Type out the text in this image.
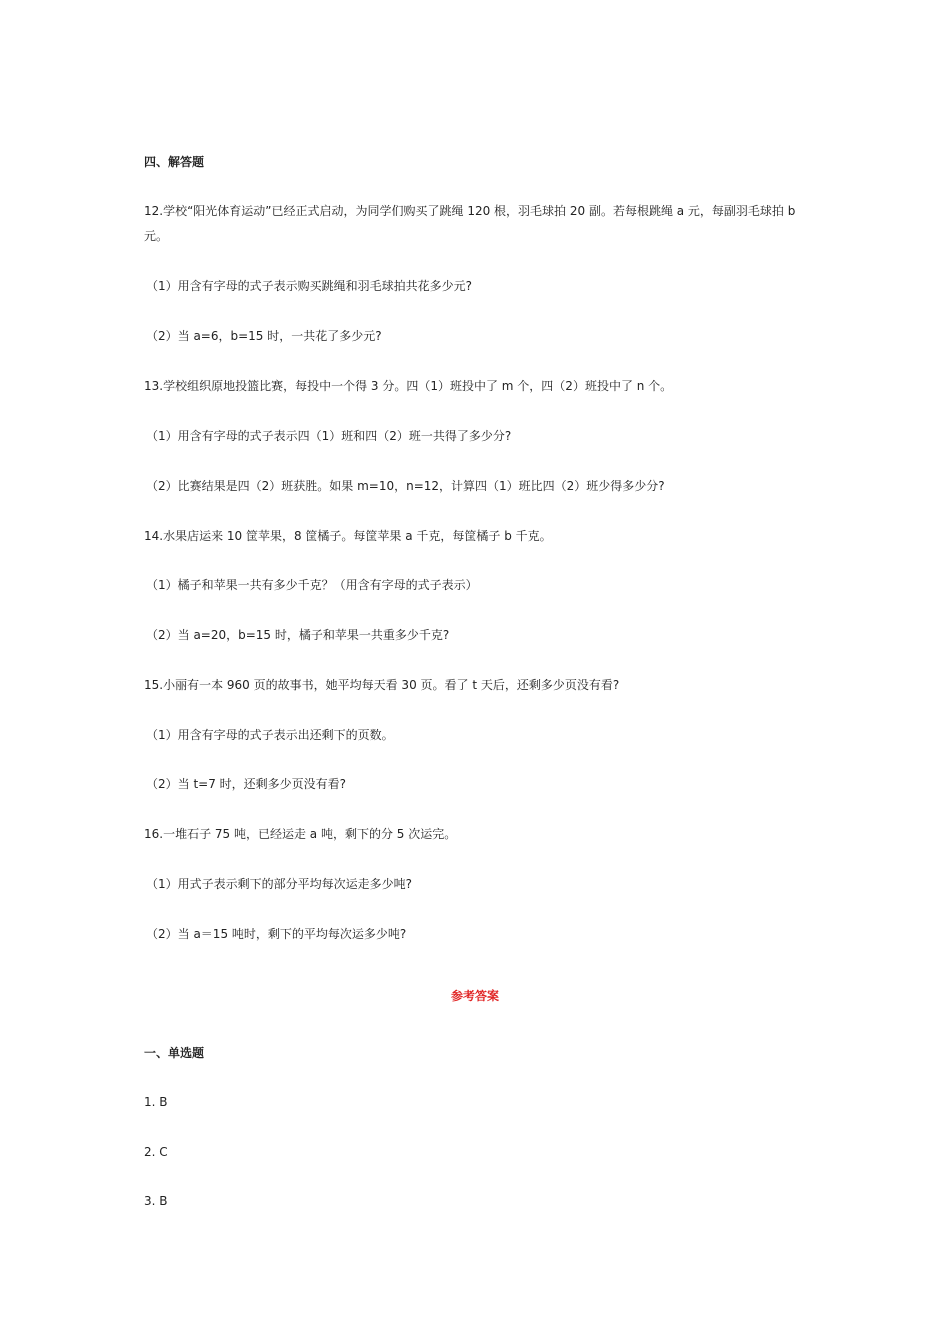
四、解答题
12.学校“阳光体育运动”已经正式启动，为同学们购买了跳绳 120 根，羽毛球拍 20 副。若每根跳绳 a 元，每副羽毛球拍 b 元。
（1）用含有字母的式子表示购买跳绳和羽毛球拍共花多少元?
（2）当 a=6，b=15 时，一共花了多少元?
13.学校组织原地投篮比赛，每投中一个得 3 分。四（1）班投中了 m 个，四（2）班投中了 n 个。
（1）用含有字母的式子表示四（1）班和四（2）班一共得了多少分?
（2）比赛结果是四（2）班获胜。如果 m=10，n=12，计算四（1）班比四（2）班少得多少分?
14.水果店运来 10 筐苹果，8 筐橘子。每筐苹果 a 千克，每筐橘子 b 千克。
（1）橘子和苹果一共有多少千克？（用含有字母的式子表示）
（2）当 a=20，b=15 时，橘子和苹果一共重多少千克?
15.小丽有一本 960 页的故事书，她平均每天看 30 页。看了 t 天后，还剩多少页没有看?
（1）用含有字母的式子表示出还剩下的页数。
（2）当 t=7 时，还剩多少页没有看?
16.一堆石子 75 吨，已经运走 a 吨，剩下的分 5 次运完。
（1）用式子表示剩下的部分平均每次运走多少吨?
（2）当 a＝15 吨时，剩下的平均每次运多少吨?
参考答案
一、单选题
1. B
2. C
3. B
